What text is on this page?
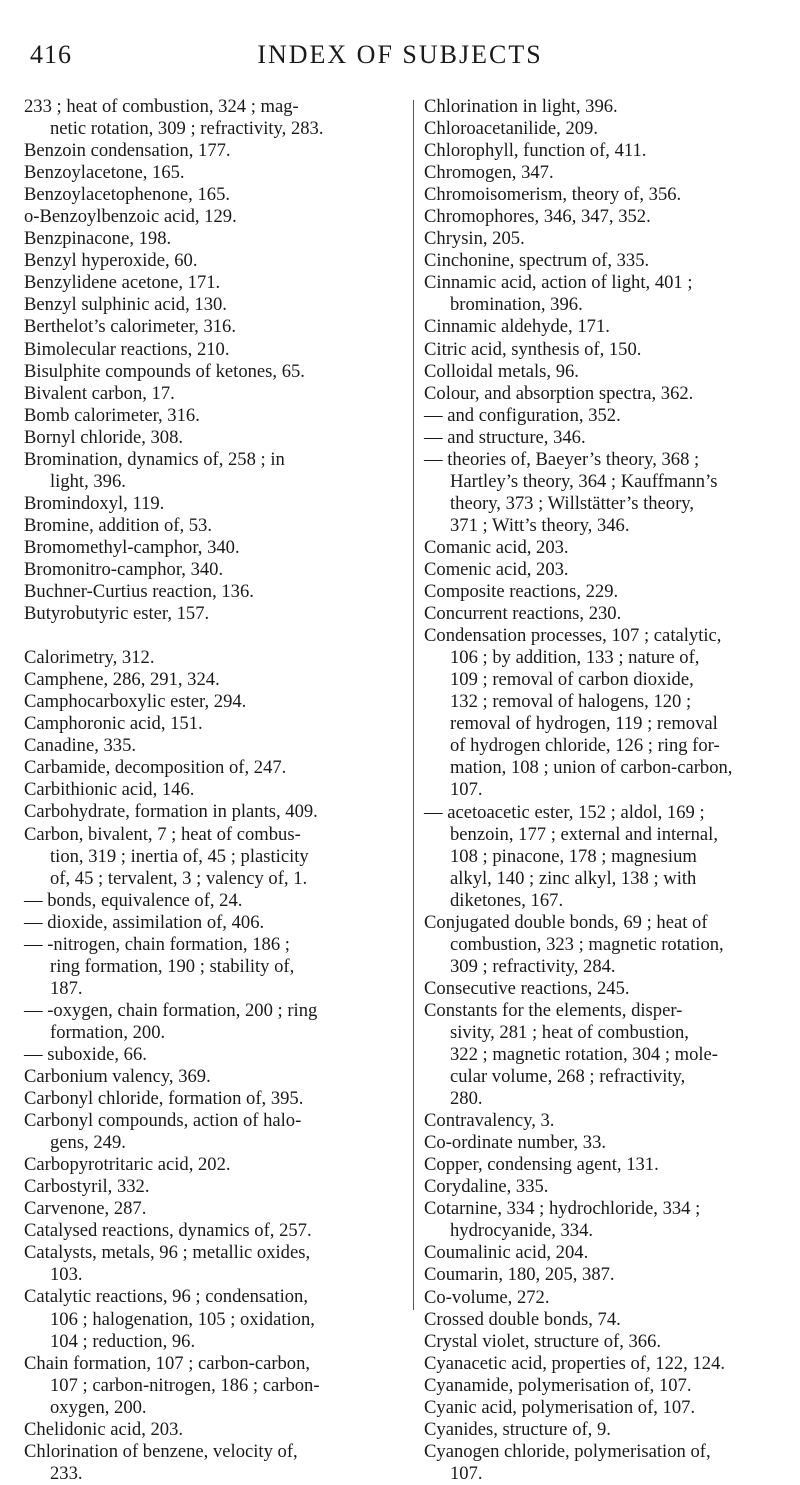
416	INDEX OF SUBJECTS
233 ; heat of combustion, 324 ; mag-
netic rotation, 309 ; refractivity, 283.
Benzoin condensation, 177.
Benzoylacetone, 165.
Benzoylacetophenone, 165.
o-Benzoylbenzoic acid, 129.
Benzpinacone, 198.
Benzyl hyperoxide, 60.
Benzylidene acetone, 171.
Benzyl sulphinic acid, 130.
Berthelot’s calorimeter, 316.
Bimolecular reactions, 210.
Bisulphite compounds of ketones, 65.
Bivalent carbon, 17.
Bomb calorimeter, 316.
Bornyl chloride, 308.
Bromination, dynamics of, 258 ; in
light, 396.
Bromindoxyl, 119.
Bromine, addition of, 53.
Bromomethyl-camphor, 340.
Bromonitro-camphor, 340.
Buchner-Curtius reaction, 136.
Butyrobutyric ester, 157.
Calorimetry, 312.
Camphene, 286, 291, 324.
Camphocarboxylic ester, 294.
Camphoronic acid, 151.
Canadine, 335.
Carbamide, decomposition of, 247.
Carbithionic acid, 146.
Carbohydrate, formation in plants, 409.
Carbon, bivalent, 7 ; heat of combus-
tion, 319 ; inertia of, 45 ; plasticity
of, 45 ; tervalent, 3 ; valency of, 1.
— bonds, equivalence of, 24.
— dioxide, assimilation of, 406.
— -nitrogen, chain formation, 186 ;
ring formation, 190 ; stability of,
187.
— -oxygen, chain formation, 200 ; ring
formation, 200.
— suboxide, 66.
Carbonium valency, 369.
Carbonyl chloride, formation of, 395.
Carbonyl compounds, action of halo-
gens, 249.
Carbopyrotritaric acid, 202.
Carbostyril, 332.
Carvenone, 287.
Catalysed reactions, dynamics of, 257.
Catalysts, metals, 96 ; metallic oxides,
103.
Catalytic reactions, 96 ; condensation,
106 ; halogenation, 105 ; oxidation,
104 ; reduction, 96.
Chain formation, 107 ; carbon-carbon,
107 ; carbon-nitrogen, 186 ; carbon-
oxygen, 200.
Chelidonic acid, 203.
Chlorination of benzene, velocity of,
233.
Chlorination in light, 396.
Chloroacetanilide, 209.
Chlorophyll, function of, 411.
Chromogen, 347.
Chromoisomerism, theory of, 356.
Chromophores, 346, 347, 352.
Chrysin, 205.
Cinchonine, spectrum of, 335.
Cinnamic acid, action of light, 401 ;
bromination, 396.
Cinnamic aldehyde, 171.
Citric acid, synthesis of, 150.
Colloidal metals, 96.
Colour, and absorption spectra, 362.
— and configuration, 352.
— and structure, 346.
— theories of, Baeyer’s theory, 368 ;
Hartley’s theory, 364 ; Kauffmann’s
theory, 373 ; Willstätter’s theory,
371 ; Witt’s theory, 346.
Comanic acid, 203.
Comenic acid, 203.
Composite reactions, 229.
Concurrent reactions, 230.
Condensation processes, 107 ; catalytic,
106 ; by addition, 133 ; nature of,
109 ; removal of carbon dioxide,
132 ; removal of halogens, 120 ;
removal of hydrogen, 119 ; removal
of hydrogen chloride, 126 ; ring for-
mation, 108 ; union of carbon-carbon,
107.
— acetoacetic ester, 152 ; aldol, 169 ;
benzoin, 177 ; external and internal,
108 ; pinacone, 178 ; magnesium
alkyl, 140 ; zinc alkyl, 138 ; with
diketones, 167.
Conjugated double bonds, 69 ; heat of
combustion, 323 ; magnetic rotation,
309 ; refractivity, 284.
Consecutive reactions, 245.
Constants for the elements, disper-
sivity, 281 ; heat of combustion,
322 ; magnetic rotation, 304 ; mole-
cular volume, 268 ; refractivity,
280.
Contravalency, 3.
Co-ordinate number, 33.
Copper, condensing agent, 131.
Corydaline, 335.
Cotarnine, 334 ; hydrochloride, 334 ;
hydrocyanide, 334.
Coumalinic acid, 204.
Coumarin, 180, 205, 387.
Co-volume, 272.
Crossed double bonds, 74.
Crystal violet, structure of, 366.
Cyanacetic acid, properties of, 122, 124.
Cyanamide, polymerisation of, 107.
Cyanic acid, polymerisation of, 107.
Cyanides, structure of, 9.
Cyanogen chloride, polymerisation of,
107.
